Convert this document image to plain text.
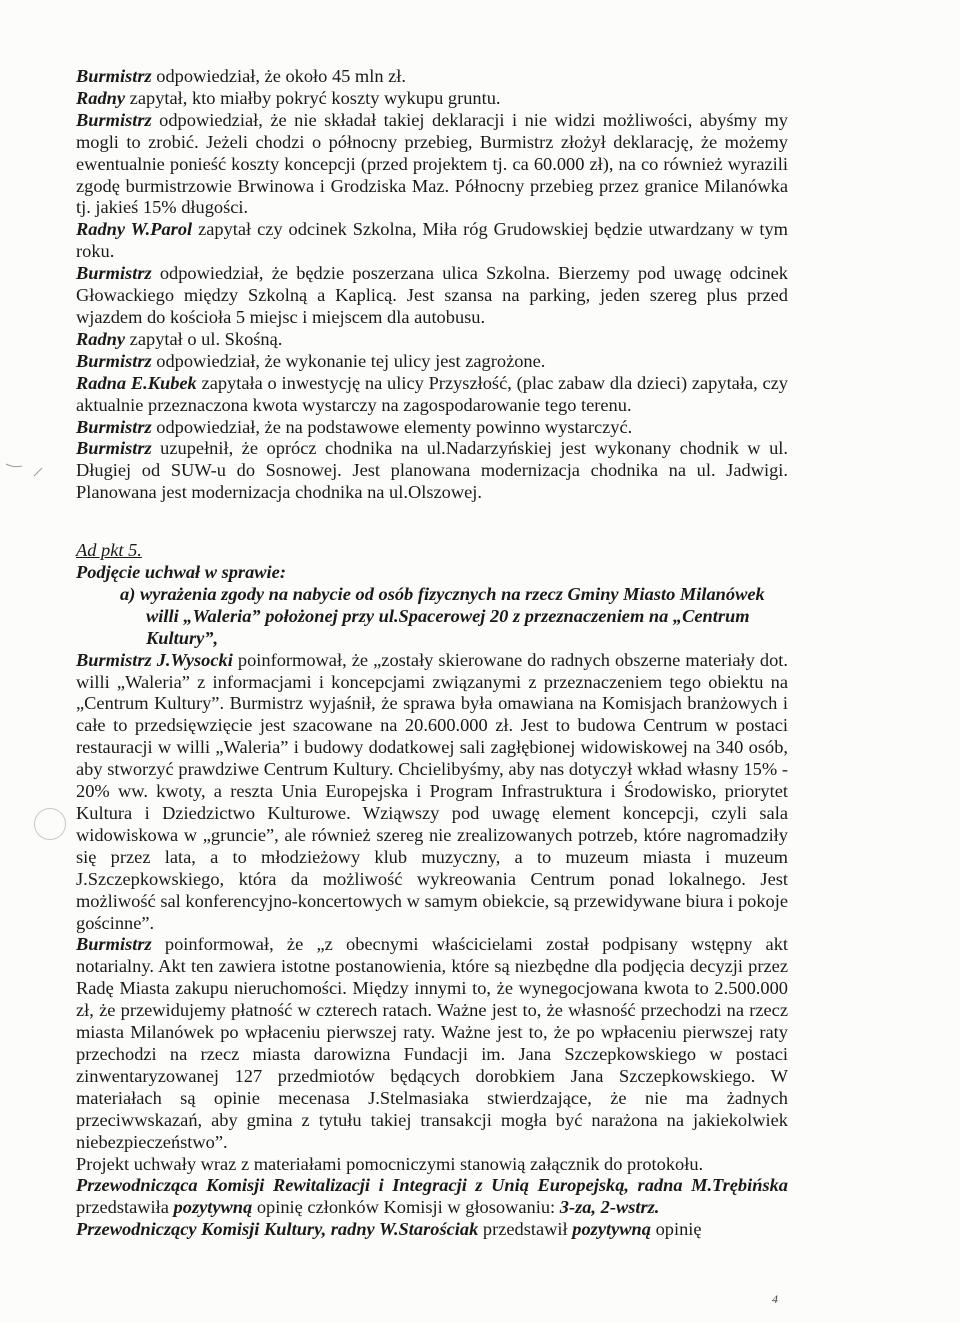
Burmistrz odpowiedział, że około 45 mln zł.

Radny zapytał, kto miałby pokryć koszty wykupu gruntu.

Burmistrz odpowiedział, że nie składał takiej deklaracji i nie widzi możliwości, abyśmy my mogli to zrobić. Jeżeli chodzi o północny przebieg, Burmistrz złożył deklarację, że możemy ewentualnie ponieść koszty koncepcji (przed projektem tj. ca 60.000 zł), na co również wyrazili zgodę burmistrzowie Brwinowa i Grodziska Maz. Północny przebieg przez granice Milanówka tj. jakieś 15% długości.

Radny W.Parol zapytał czy odcinek Szkolna, Miła róg Grudowskiej będzie utwardzany w tym roku.

Burmistrz odpowiedział, że będzie poszerzana ulica Szkolna. Bierzemy pod uwagę odcinek Głowackiego między Szkolną a Kaplicą. Jest szansa na parking, jeden szereg plus przed wjazdem do kościoła 5 miejsc i miejscem dla autobusu.

Radny zapytał o ul. Skośną.

Burmistrz odpowiedział, że wykonanie tej ulicy jest zagrożone.

Radna E.Kubek zapytała o inwestycję na ulicy Przyszłość, (plac zabaw dla dzieci) zapytała, czy aktualnie przeznaczona kwota wystarczy na zagospodarowanie tego terenu.

Burmistrz odpowiedział, że na podstawowe elementy powinno wystarczyć.

Burmistrz uzupełnił, że oprócz chodnika na ul.Nadarzyńskiej jest wykonany chodnik w ul. Długiej od SUW-u do Sosnowej. Jest planowana modernizacja chodnika na ul. Jadwigi. Planowana jest modernizacja chodnika na ul.Olszowej.

Ad pkt 5.

Podjęcie uchwał w sprawie:

a) wyrażenia zgody na nabycie od osób fizycznych na rzecz Gminy Miasto Milanówek willi „Waleria” położonej przy ul.Spacerowej 20 z przeznaczeniem na „Centrum Kultury”,

Burmistrz J.Wysocki poinformował, że „zostały skierowane do radnych obszerne materiały dot. willi „Waleria” z informacjami i koncepcjami związanymi z przeznaczeniem tego obiektu na „Centrum Kultury”. Burmistrz wyjaśnił, że sprawa była omawiana na Komisjach branżowych i całe to przedsięwzięcie jest szacowane na 20.600.000 zł. Jest to budowa Centrum w postaci restauracji w willi „Waleria” i budowy dodatkowej sali zagłębionej widowiskowej na 340 osób, aby stworzyć prawdziwe Centrum Kultury. Chcielibyśmy, aby nas dotyczył wkład własny 15% - 20% ww. kwoty, a reszta Unia Europejska i Program Infrastruktura i Środowisko, priorytet Kultura i Dziedzictwo Kulturowe. Wziąwszy pod uwagę element koncepcji, czyli sala widowiskowa w „gruncie”, ale również szereg nie zrealizowanych potrzeb, które nagromadziły się przez lata, a to młodzieżowy klub muzyczny, a to muzeum miasta i muzeum J.Szczepkowskiego, która da możliwość wykreowania Centrum ponad lokalnego. Jest możliwość sal konferencyjno-koncertowych w samym obiekcie, są przewidywane biura i pokoje gościnne”.

Burmistrz poinformował, że „z obecnymi właścicielami został podpisany wstępny akt notarialny. Akt ten zawiera istotne postanowienia, które są niezbędne dla podjęcia decyzji przez Radę Miasta zakupu nieruchomości. Między innymi to, że wynegocjowana kwota to 2.500.000 zł, że przewidujemy płatność w czterech ratach. Ważne jest to, że własność przechodzi na rzecz miasta Milanówek po wpłaceniu pierwszej raty. Ważne jest to, że po wpłaceniu pierwszej raty przechodzi na rzecz miasta darowizna Fundacji im. Jana Szczepkowskiego w postaci zinwentaryzowanej 127 przedmiotów będących dorobkiem Jana Szczepkowskiego. W materiałach są opinie mecenasa J.Stelmasiaka stwierdzające, że nie ma żadnych przeciwwskazań, aby gmina z tytułu takiej transakcji mogła być narażona na jakiekolwiek niebezpieczeństwo”.

Projekt uchwały wraz z materiałami pomocniczymi stanowią załącznik do protokołu.

Przewodnicząca Komisji Rewitalizacji i Integracji z Unią Europejską, radna M.Trębińska przedstawiła pozytywną opinię członków Komisji w głosowaniu: 3-za, 2-wstrz.

Przewodniczący Komisji Kultury, radny W.Starościak przedstawił pozytywną opinię

4
